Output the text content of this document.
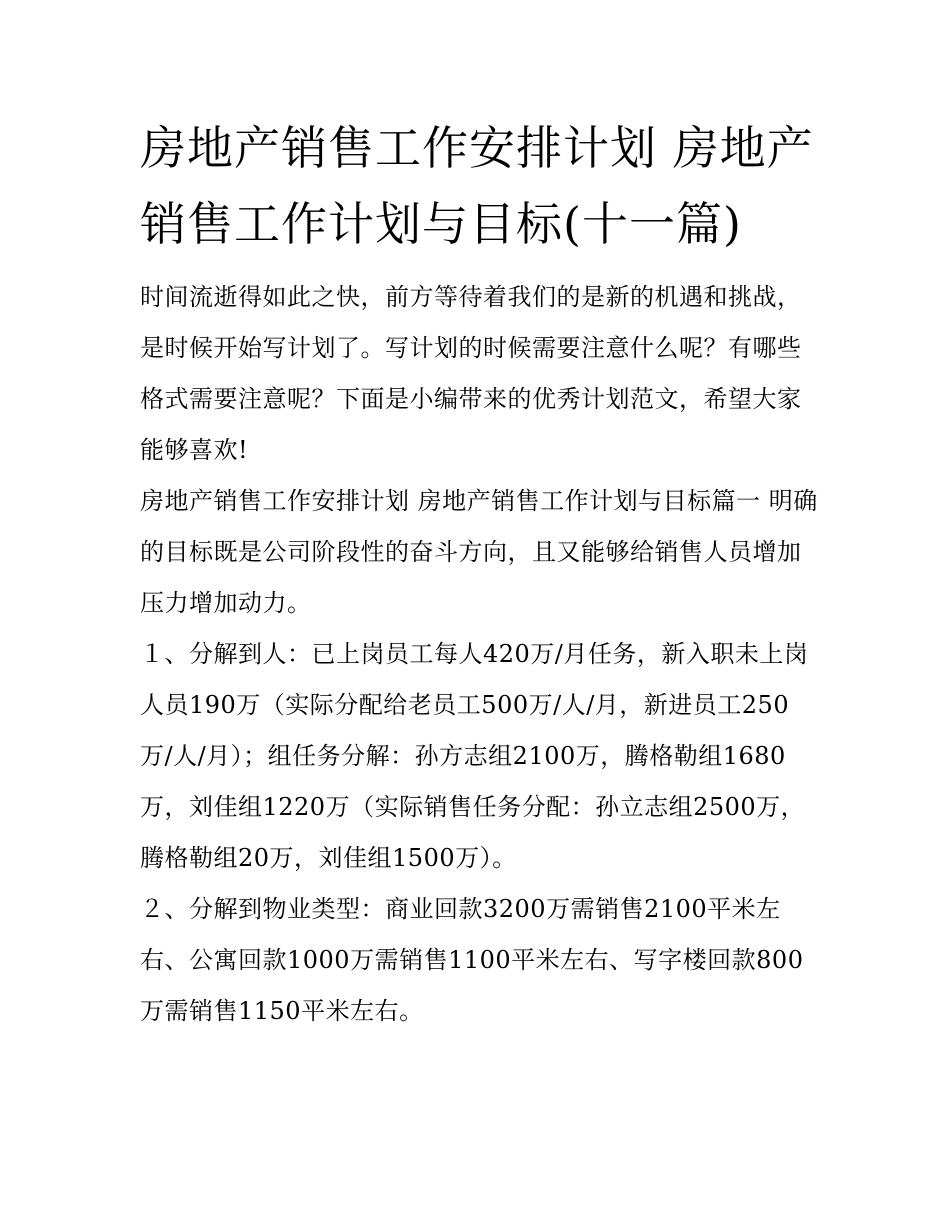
房地产销售工作安排计划 房地产销售工作计划与目标(十一篇)

时间流逝得如此之快，前方等待着我们的是新的机遇和挑战，是时候开始写计划了。写计划的时候需要注意什么呢？有哪些格式需要注意呢？下面是小编带来的优秀计划范文，希望大家能够喜欢!

房地产销售工作安排计划 房地产销售工作计划与目标篇一 明确的目标既是公司阶段性的奋斗方向，且又能够给销售人员增加压力增加动力。

１、分解到人：已上岗员工每人420万/月任务，新入职未上岗人员190万（实际分配给老员工500万/人/月，新进员工250万/人/月）；组任务分解：孙方志组2100万，腾格勒组1680万，刘佳组1220万（实际销售任务分配：孙立志组2500万，腾格勒组20万，刘佳组1500万）。

２、分解到物业类型：商业回款3200万需销售2100平米左右、公寓回款1000万需销售1100平米左右、写字楼回款800万需销售1150平米左右。
